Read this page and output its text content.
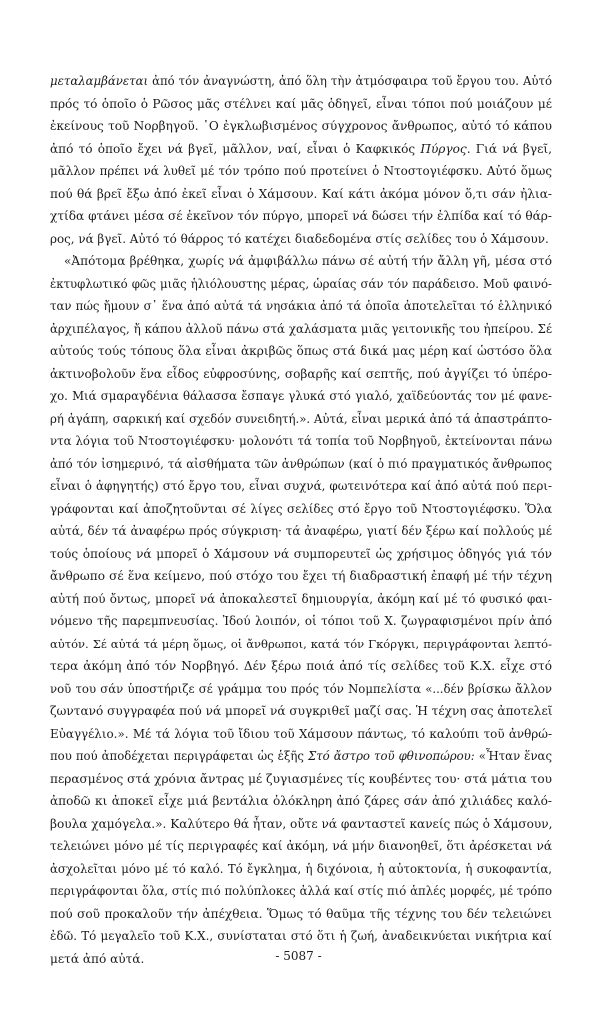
μεταλαμβάνεται ἀπό τόν ἀναγνώστη, ἀπό ὅλη τὴν ἀτμόσφαιρα τοῦ ἔργου του. Αὐτό
πρός τό ὁποῖο ὁ Ρῶσος μᾶς στέλνει καί μᾶς ὁδηγεῖ, εἶναι τόποι πού μοιάζουν μέ
ἐκείνους τοῦ Νορβηγοῦ. ῾Ο ἐγκλωβισμένος σύγχρονος ἄνθρωπος, αὐτό τό κάπου
ἀπό τό ὁποῖο ἔχει νά βγεῖ, μᾶλλον, ναί, εἶναι ὁ Καφκικός Πύργος. Γιά νά βγεῖ,
μᾶλλον πρέπει νά λυθεῖ μέ τόν τρόπο πού προτείνει ὁ Ντοστογιέφσκυ. Αὐτό ὅμως
πού θά βρεῖ ἔξω ἀπό ἐκεῖ εἶναι ὁ Χάμσουν. Καί κάτι ἀκόμα μόνον ὅ,τι σάν ἠλια-
χτίδα φτάνει μέσα σέ ἐκεῖνον τόν πύργο, μπορεῖ νά δώσει τήν ἐλπίδα καί τό θάρ-
ρος, νά βγεῖ. Αὐτό τό θάρρος τό κατέχει διαδεδομένα στίς σελίδες του ὁ Χάμσουν.
«Ἀπότομα βρέθηκα, χωρίς νά ἀμφιβάλλω πάνω σέ αὐτή τήν ἄλλη γῆ, μέσα στό
ἐκτυφλωτικό φῶς μιᾶς ἡλιόλουστης μέρας, ὡραίας σάν τόν παράδεισο. Μοῦ φαινό-
ταν πώς ἤμουν σ᾽ ἕνα ἀπό αὐτά τά νησάκια ἀπό τά ὁποῖα ἀποτελεῖται τό ἑλληνικό
ἀρχιπέλαγος, ἤ κάπου ἀλλοῦ πάνω στά χαλάσματα μιᾶς γειτονικῆς του ἠπείρου. Σέ
αὐτούς τούς τόπους ὅλα εἶναι ἀκριβῶς ὅπως στά δικά μας μέρη καί ὡστόσο ὅλα
ἀκτινοβολοῦν ἕνα εἶδος εὐφροσύνης, σοβαρῆς καί σεπτῆς, πού ἀγγίζει τό ὑπέρο-
χο. Μιά σμαραγδένια θάλασσα ἔσπαγε γλυκά στό γιαλό, χαϊδεύοντάς τον μέ φανε-
ρή ἀγάπη, σαρκική καί σχεδόν συνειδητή.». Αὐτά, εἶναι μερικά ἀπό τά ἀπαστράπτο-
ντα λόγια τοῦ Ντοστογιέφσκυ· μολονότι τά τοπία τοῦ Νορβηγοῦ, ἐκτείνονται πάνω
ἀπό τόν ἰσημερινό, τά αἰσθήματα τῶν ἀνθρώπων (καί ὁ πιό πραγματικός ἄνθρωπος
εἶναι ὁ ἀφηγητής) στό ἔργο του, εἶναι συχνά, φωτεινότερα καί ἀπό αὐτά πού περι-
γράφονται καί ἀποζητοῦνται σέ λίγες σελίδες στό ἔργο τοῦ Ντοστογιέφσκυ. Ὅλα
αὐτά, δέν τά ἀναφέρω πρός σύγκριση· τά ἀναφέρω, γιατί δέν ξέρω καί πολλούς μέ
τούς ὁποίους νά μπορεῖ ὁ Χάμσουν νά συμπορευτεῖ ὡς χρήσιμος ὁδηγός γιά τόν
ἄνθρωπο σέ ἕνα κείμενο, πού στόχο του ἔχει τή διαδραστική ἐπαφή μέ τήν τέχνη
αὐτή πού ὄντως, μπορεῖ νά ἀποκαλεστεῖ δημιουργία, ἀκόμη καί μέ τό φυσικό φαι-
νόμενο τῆς παρεμπνευσίας. Ἰδού λοιπόν, οἱ τόποι τοῦ Χ. ζωγραφισμένοι πρίν ἀπό
αὐτόν. Σέ αὐτά τά μέρη ὅμως, οἱ ἄνθρωποι, κατά τόν Γκόργκι, περιγράφονται λεπτό-
τερα ἀκόμη ἀπό τόν Νορβηγό. Δέν ξέρω ποιά ἀπό τίς σελίδες τοῦ Κ.Χ. εἶχε στό
νοῦ του σάν ὑποστήριζε σέ γράμμα του πρός τόν Νομπελίστα «...δέν βρίσκω ἄλλον
ζωντανό συγγραφέα πού νά μπορεῖ νά συγκριθεῖ μαζί σας. Ἡ τέχνη σας ἀποτελεῖ
Εὐαγγέλιο.». Μέ τά λόγια τοῦ ἴδιου τοῦ Χάμσουν πάντως, τό καλούπι τοῦ ἀνθρώ-
που πού ἀποδέχεται περιγράφεται ὡς ἑξῆς Στό ἄστρο τοῦ φθινοπώρου: «Ἦταν ἕνας
περασμένος στά χρόνια ἄντρας μέ ζυγιασμένες τίς κουβέντες του· στά μάτια του
ἀποδῶ κι ἀποκεῖ εἶχε μιά βεντάλια ὁλόκληρη ἀπό ζάρες σάν ἀπό χιλιάδες καλό-
βουλα χαμόγελα.». Καλύτερο θά ἦταν, οὔτε νά φανταστεῖ κανείς πώς ὁ Χάμσουν,
τελειώνει μόνο μέ τίς περιγραφές καί ἀκόμη, νά μήν διανοηθεῖ, ὅτι ἀρέσκεται νά
ἀσχολεῖται μόνο μέ τό καλό. Τό ἔγκλημα, ἡ διχόνοια, ἡ αὐτοκτονία, ἡ συκοφαντία,
περιγράφονται ὅλα, στίς πιό πολύπλοκες ἀλλά καί στίς πιό ἁπλές μορφές, μέ τρόπο
πού σοῦ προκαλοῦν τήν ἀπέχθεια. Ὅμως τό θαῦμα τῆς τέχνης του δέν τελειώνει
ἐδῶ. Τό μεγαλεῖο τοῦ Κ.Χ., συνίσταται στό ὅτι ἡ ζωή, ἀναδεικνύεται νικήτρια καί
μετά ἀπό αὐτά.	- 5087 -
